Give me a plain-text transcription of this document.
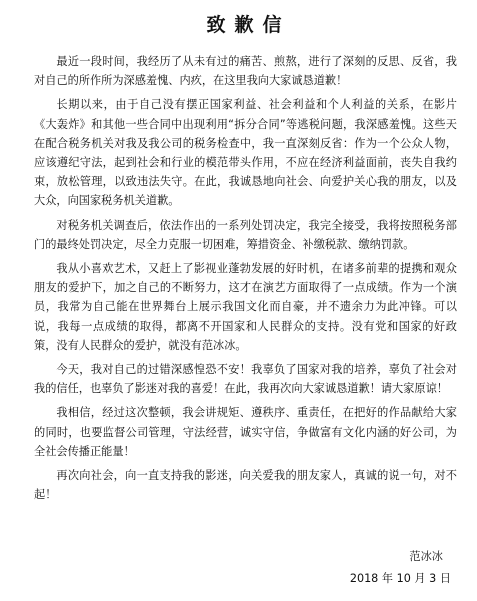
致歉信

最近一段时间，我经历了从未有过的痛苦、煎熬，进行了深刻的反思、反省，我对自己的所作所为深感羞愧、内疚，在这里我向大家诚恳道歉！

长期以来，由于自己没有摆正国家利益、社会利益和个人利益的关系，在影片《大轰炸》和其他一些合同中出现利用“拆分合同”等逃税问题，我深感羞愧。这些天在配合税务机关对我及我公司的税务检查中，我一直深刻反省：作为一个公众人物，应该遵纪守法，起到社会和行业的模范带头作用，不应在经济利益面前，丧失自我约束，放松管理，以致违法失守。在此，我诚恳地向社会、向爱护关心我的朋友，以及大众，向国家税务机关道歉。

对税务机关调查后，依法作出的一系列处罚决定，我完全接受，我将按照税务部门的最终处罚决定，尽全力克服一切困难，筹措资金、补缴税款、缴纳罚款。

我从小喜欢艺术，又赶上了影视业蓬勃发展的好时机，在诸多前辈的提携和观众朋友的爱护下，加之自己的不断努力，这才在演艺方面取得了一点成绩。作为一个演员，我常为自己能在世界舞台上展示我国文化而自豪，并不遗余力为此冲锋。可以说，我每一点成绩的取得，都离不开国家和人民群众的支持。没有党和国家的好政策，没有人民群众的爱护，就没有范冰冰。

今天，我对自己的过错深感惶恐不安！我辜负了国家对我的培养，辜负了社会对我的信任，也辜负了影迷对我的喜爱！在此，我再次向大家诚恳道歉！请大家原谅！

我相信，经过这次整顿，我会讲规矩、遵秩序、重责任，在把好的作品献给大家的同时，也要监督公司管理，守法经营，诚实守信，争做富有文化内涵的好公司，为全社会传播正能量！

再次向社会，向一直支持我的影迷，向关爱我的朋友家人，真诚的说一句，对不起！

范冰冰
2018 年 10 月 3 日
